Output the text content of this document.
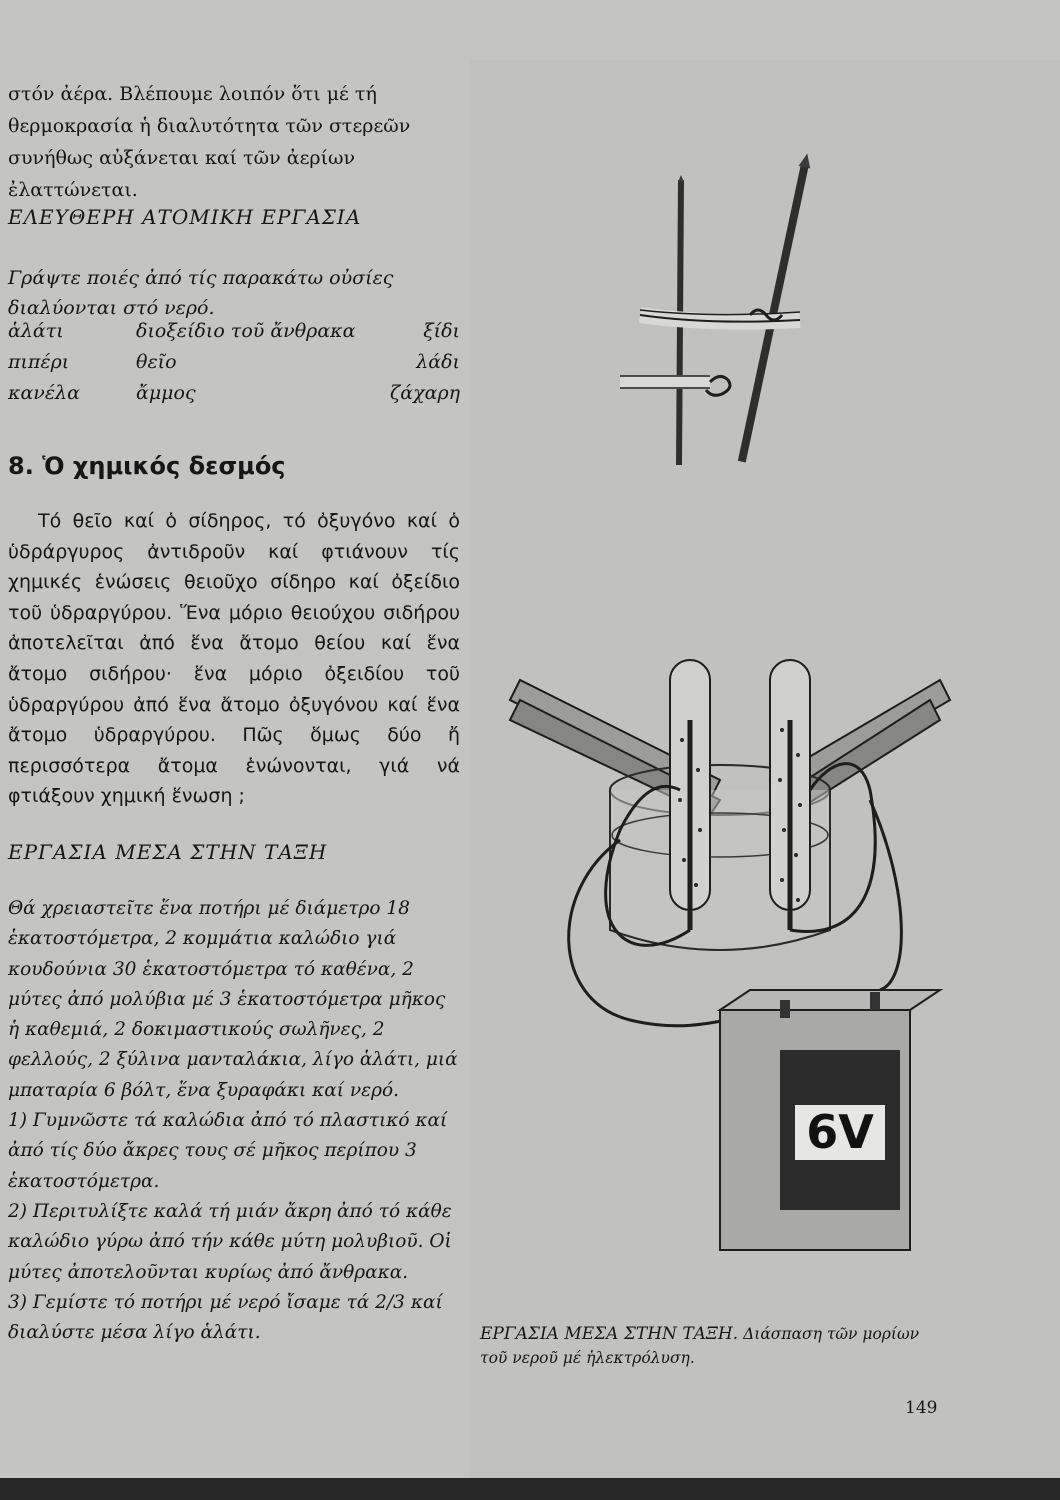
στόν ἀέρα. Βλέπουμε λοιπόν ὅτι μέ τή θερμοκρασία ἡ διαλυτότητα τῶν στερεῶν συνήθως αὐξάνεται καί τῶν ἀερίων ἐλαττώνεται.
ΕΛΕΥΘΕΡΗ ΑΤΟΜΙΚΗ ΕΡΓΑΣΙΑ
Γράψτε ποιές ἀπό τίς παρακάτω οὐσίες διαλύονται στό νερό.
ἁλάτι	διοξείδιο τοῦ ἄνθρακα	ξίδι
πιπέρι	θεῖο	λάδι
κανέλα	ἄμμος	ζάχαρη
8. Ὁ χημικός δεσμός
Τό θεῖο καί ὁ σίδηρος, τό ὀξυγόνο καί ὁ ὑδράργυρος ἀντιδροῦν καί φτιάνουν τίς χημικές ἑνώσεις θειοῦχο σίδηρο καί ὀξείδιο τοῦ ὑδραργύρου. Ἕνα μόριο θειούχου σιδήρου ἀποτελεῖται ἀπό ἕνα ἄτομο θείου καί ἕνα ἄτομο σιδήρου· ἕνα μόριο ὀξειδίου τοῦ ὑδραργύρου ἀπό ἕνα ἄτομο ὀξυγόνου καί ἕνα ἄτομο ὑδραργύρου. Πῶς ὅμως δύο ἤ περισσότερα ἄτομα ἑνώνονται, γιά νά φτιάξουν χημική ἕνωση ;
ΕΡΓΑΣΙΑ ΜΕΣΑ ΣΤΗΝ ΤΑΞΗ

Θά χρειαστεῖτε ἕνα ποτήρι μέ διάμετρο 18 ἑκατοστόμετρα, 2 κομμάτια καλώδιο γιά κουδούνια 30 ἑκατοστόμετρα τό καθένα, 2 μύτες ἀπό μολύβια μέ 3 ἑκατοστόμετρα μῆκος ἡ καθεμιά, 2 δοκιμαστικούς σωλῆνες, 2 φελλούς, 2 ξύλινα μανταλάκια, λίγο ἁλάτι, μιά μπαταρία 6 βόλτ, ἕνα ξυραφάκι καί νερό.

1) Γυμνῶστε τά καλώδια ἀπό τό πλαστικό καί ἀπό τίς δύο ἄκρες τους σέ μῆκος περίπου 3 ἑκατοστόμετρα.

2) Περιτυλίξτε καλά τή μιάν ἄκρη ἀπό τό κάθε καλώδιο γύρω ἀπό τήν κάθε μύτη μολυβιοῦ. Οἱ μύτες ἀποτελοῦνται κυρίως ἀπό ἄνθρακα.

3) Γεμίστε τό ποτήρι μέ νερό ἴσαμε τά 2/3 καί διαλύστε μέσα λίγο ἁλάτι.

6V
ΕΡΓΑΣΙΑ ΜΕΣΑ ΣΤΗΝ ΤΑΞΗ. Διάσπαση τῶν μορίων τοῦ νεροῦ μέ ἠλεκτρόλυση.
149
